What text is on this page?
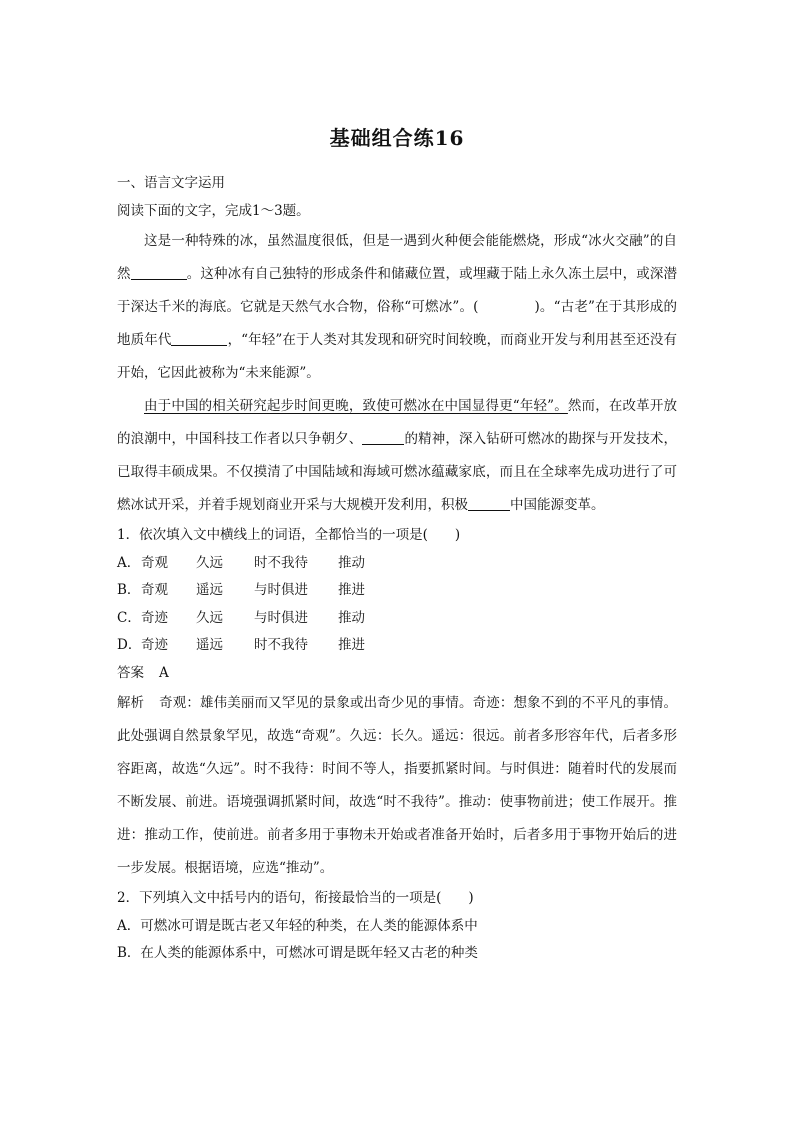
基础组合练16
一、语言文字运用
阅读下面的文字，完成1～3题。
这是一种特殊的冰，虽然温度很低，但是一遇到火种便会能能燃烧，形成“冰火交融”的自然	。这种冰有自己独特的形成条件和储藏位置，或埋藏于陆上永久冻土层中，或深潜于深达千米的海底。它就是天然气水合物，俗称“可燃冰”。(	)。“古老”在于其形成的地质年代	，“年轻”在于人类对其发现和研究时间较晚，而商业开发与利用甚至还没有开始，它因此被称为“未来能源”。
由于中国的相关研究起步时间更晚，致使可燃冰在中国显得更“年轻”。然而，在改革开放的浪潮中，中国科技工作者以只争朝夕、	的精神，深入钻研可燃冰的勘探与开发技术，已取得丰硕成果。不仅摸清了中国陆域和海域可燃冰蕴藏家底，而且在全球率先成功进行了可燃冰试开采，并着手规划商业开采与大规模开发利用，积极	中国能源变革。
1．依次填入文中横线上的词语，全都恰当的一项是(　　)
A．奇观 久远 时不我待 推动
B．奇观 遥远 与时俱进 推进
C．奇迹 久远 与时俱进 推动
D．奇迹 遥远 时不我待 推进
答案 A
解析 奇观：雄伟美丽而又罕见的景象或出奇少见的事情。奇迹：想象不到的不平凡的事情。此处强调自然景象罕见，故选“奇观”。久远：长久。遥远：很远。前者多形容年代，后者多形容距离，故选“久远”。时不我待：时间不等人，指要抓紧时间。与时俱进：随着时代的发展而不断发展、前进。语境强调抓紧时间，故选“时不我待”。推动：使事物前进；使工作展开。推进：推动工作，使前进。前者多用于事物未开始或者准备开始时，后者多用于事物开始后的进一步发展。根据语境，应选“推动”。
2．下列填入文中括号内的语句，衔接最恰当的一项是(　　)
A．可燃冰可谓是既古老又年轻的种类，在人类的能源体系中
B．在人类的能源体系中，可燃冰可谓是既年轻又古老的种类
